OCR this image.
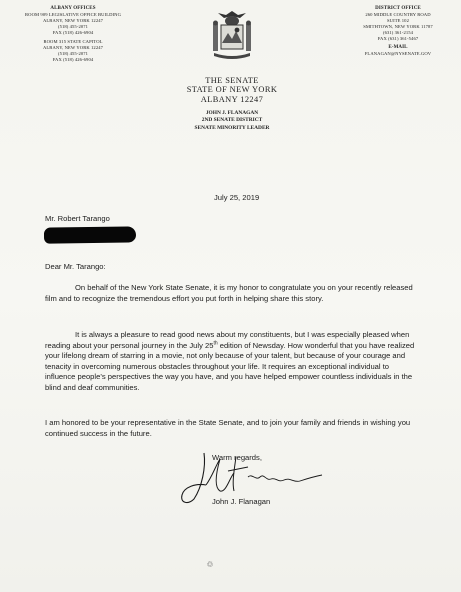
ALBANY OFFICES
ROOM 909 LEGISLATIVE OFFICE BUILDING
ALBANY, NEW YORK 12247
(518) 455-2071
FAX (518) 426-6904
ROOM 315 STATE CAPITOL
ALBANY, NEW YORK 12247
(518) 455-2071
FAX (518) 426-6904
THE SENATE
STATE OF NEW YORK
ALBANY 12247
JOHN J. FLANAGAN
2ND SENATE DISTRICT
SENATE MINORITY LEADER
DISTRICT OFFICE
260 MIDDLE COUNTRY ROAD
SUITE 102
SMITHTOWN, NEW YORK 11787
(631) 361-2154
FAX (631) 361-5467
E-MAIL
FLANAGAN@NYSENATE.GOV
July 25, 2019
Mr. Robert Tarango
Dear Mr. Tarango:

On behalf of the New York State Senate, it is my honor to congratulate you on your recently released film and to recognize the tremendous effort you put forth in helping share this story.

It is always a pleasure to read good news about my constituents, but I was especially pleased when reading about your personal journey in the July 25th edition of Newsday. How wonderful that you have realized your lifelong dream of starring in a movie, not only because of your talent, but because of your courage and tenacity in overcoming numerous obstacles throughout your life. It requires an exceptional individual to influence people’s perspectives the way you have, and you have helped empower countless individuals in the blind and deaf communities.

I am honored to be your representative in the State Senate, and to join your family and friends in wishing you continued success in the future.

Warm regards,
John J. Flanagan
♲
